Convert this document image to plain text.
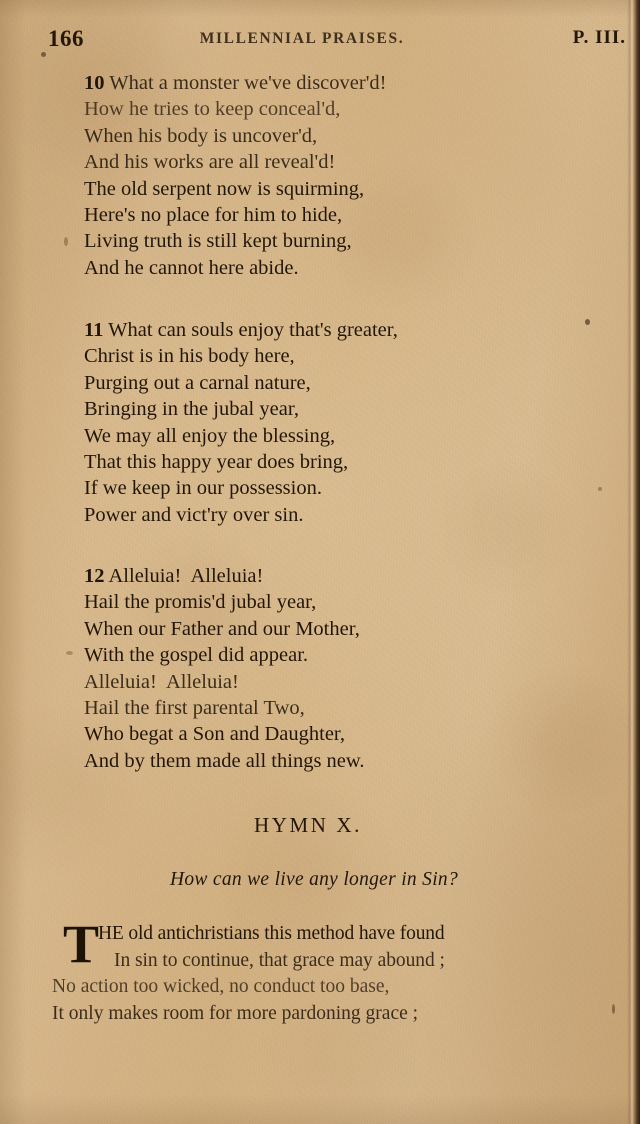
166	MILLENNIAL PRAISES.	P. III.
10 What a monster we've discover'd!
How he tries to keep conceal'd,
When his body is uncover'd,
And his works are all reveal'd!
The old serpent now is squirming,
Here's no place for him to hide,
Living truth is still kept burning,
And he cannot here abide.
11 What can souls enjoy that's greater,
Christ is in his body here,
Purging out a carnal nature,
Bringing in the jubal year,
We may all enjoy the blessing,
That this happy year does bring,
If we keep in our possession.
Power and vict'ry over sin.
12 Alleluia!  Alleluia!
Hail the promis'd jubal year,
When our Father and our Mother,
With the gospel did appear.
Alleluia!  Alleluia!
Hail the first parental Two,
Who begat a Son and Daughter,
And by them made all things new.
HYMN X.
How can we live any longer in Sin?
T
HE old antichristians this method have found
In sin to continue, that grace may abound ;
No action too wicked, no conduct too base,
It only makes room for more pardoning grace ;
